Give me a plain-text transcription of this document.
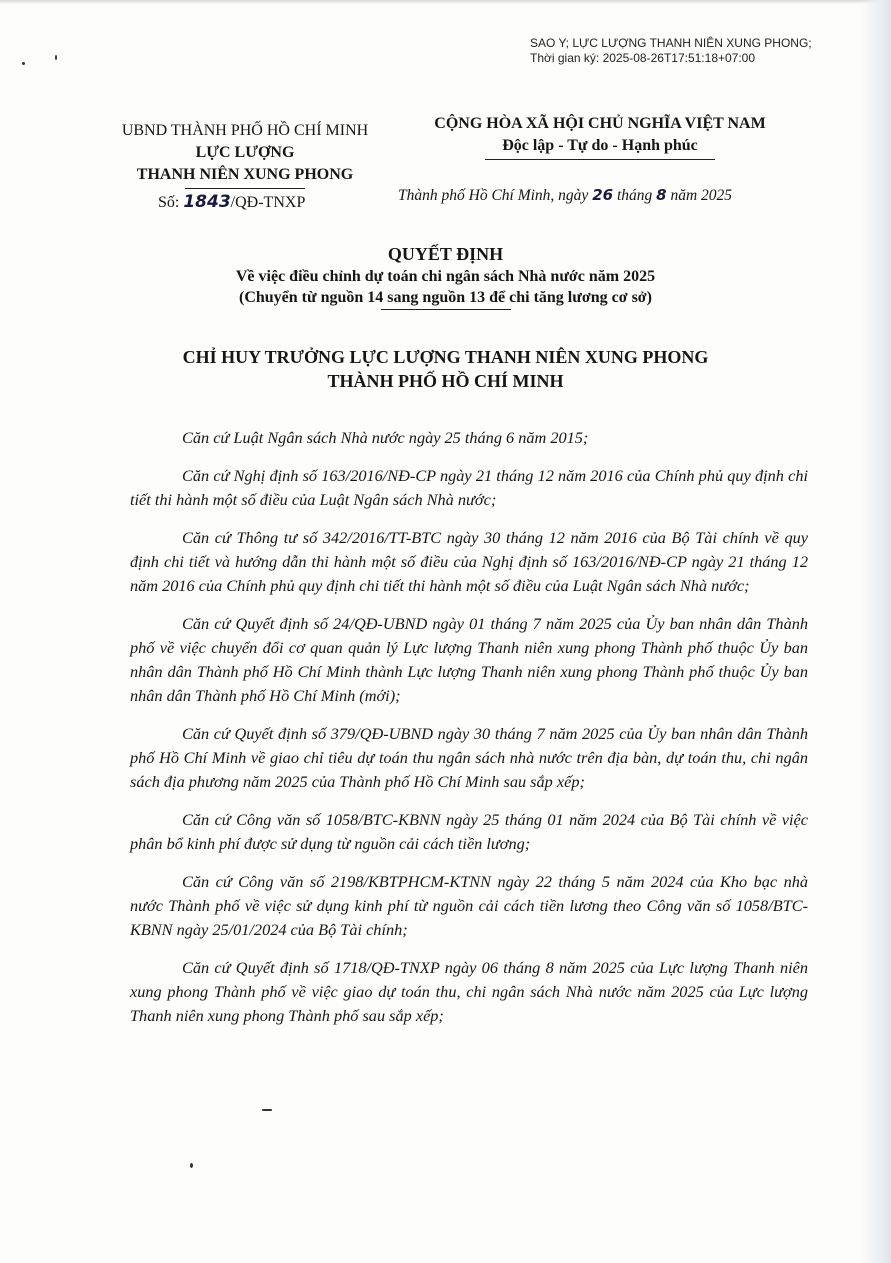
SAO Y; LỰC LƯỢNG THANH NIÊN XUNG PHONG;
Thời gian ký: 2025-08-26T17:51:18+07:00
UBND THÀNH PHỐ HỒ CHÍ MINH
LỰC LƯỢNG
THANH NIÊN XUNG PHONG
CỘNG HÒA XÃ HỘI CHỦ NGHĨA VIỆT NAM
Độc lập - Tự do - Hạnh phúc
Số: 1843/QĐ-TNXP	Thành phố Hồ Chí Minh, ngày 26 tháng 8 năm 2025
QUYẾT ĐỊNH
Về việc điều chỉnh dự toán chi ngân sách Nhà nước năm 2025
(Chuyển từ nguồn 14 sang nguồn 13 để chi tăng lương cơ sở)
CHỈ HUY TRƯỞNG LỰC LƯỢNG THANH NIÊN XUNG PHONG
THÀNH PHỐ HỒ CHÍ MINH

Căn cứ Luật Ngân sách Nhà nước ngày 25 tháng 6 năm 2015;

Căn cứ Nghị định số 163/2016/NĐ-CP ngày 21 tháng 12 năm 2016 của Chính phủ quy định chi tiết thi hành một số điều của Luật Ngân sách Nhà nước;

Căn cứ Thông tư số 342/2016/TT-BTC ngày 30 tháng 12 năm 2016 của Bộ Tài chính về quy định chi tiết và hướng dẫn thi hành một số điều của Nghị định số 163/2016/NĐ-CP ngày 21 tháng 12 năm 2016 của Chính phủ quy định chi tiết thi hành một số điều của Luật Ngân sách Nhà nước;

Căn cứ Quyết định số 24/QĐ-UBND ngày 01 tháng 7 năm 2025 của Ủy ban nhân dân Thành phố về việc chuyển đổi cơ quan quản lý Lực lượng Thanh niên xung phong Thành phố thuộc Ủy ban nhân dân Thành phố Hồ Chí Minh thành Lực lượng Thanh niên xung phong Thành phố thuộc Ủy ban nhân dân Thành phố Hồ Chí Minh (mới);

Căn cứ Quyết định số 379/QĐ-UBND ngày 30 tháng 7 năm 2025 của Ủy ban nhân dân Thành phố Hồ Chí Minh về giao chỉ tiêu dự toán thu ngân sách nhà nước trên địa bàn, dự toán thu, chi ngân sách địa phương năm 2025 của Thành phố Hồ Chí Minh sau sắp xếp;

Căn cứ Công văn số 1058/BTC-KBNN ngày 25 tháng 01 năm 2024 của Bộ Tài chính về việc phân bổ kinh phí được sử dụng từ nguồn cải cách tiền lương;

Căn cứ Công văn số 2198/KBTPHCM-KTNN ngày 22 tháng 5 năm 2024 của Kho bạc nhà nước Thành phố về việc sử dụng kinh phí từ nguồn cải cách tiền lương theo Công văn số 1058/BTC-KBNN ngày 25/01/2024 của Bộ Tài chính;

Căn cứ Quyết định số 1718/QĐ-TNXP ngày 06 tháng 8 năm 2025 của Lực lượng Thanh niên xung phong Thành phố về việc giao dự toán thu, chi ngân sách Nhà nước năm 2025 của Lực lượng Thanh niên xung phong Thành phố sau sắp xếp;
